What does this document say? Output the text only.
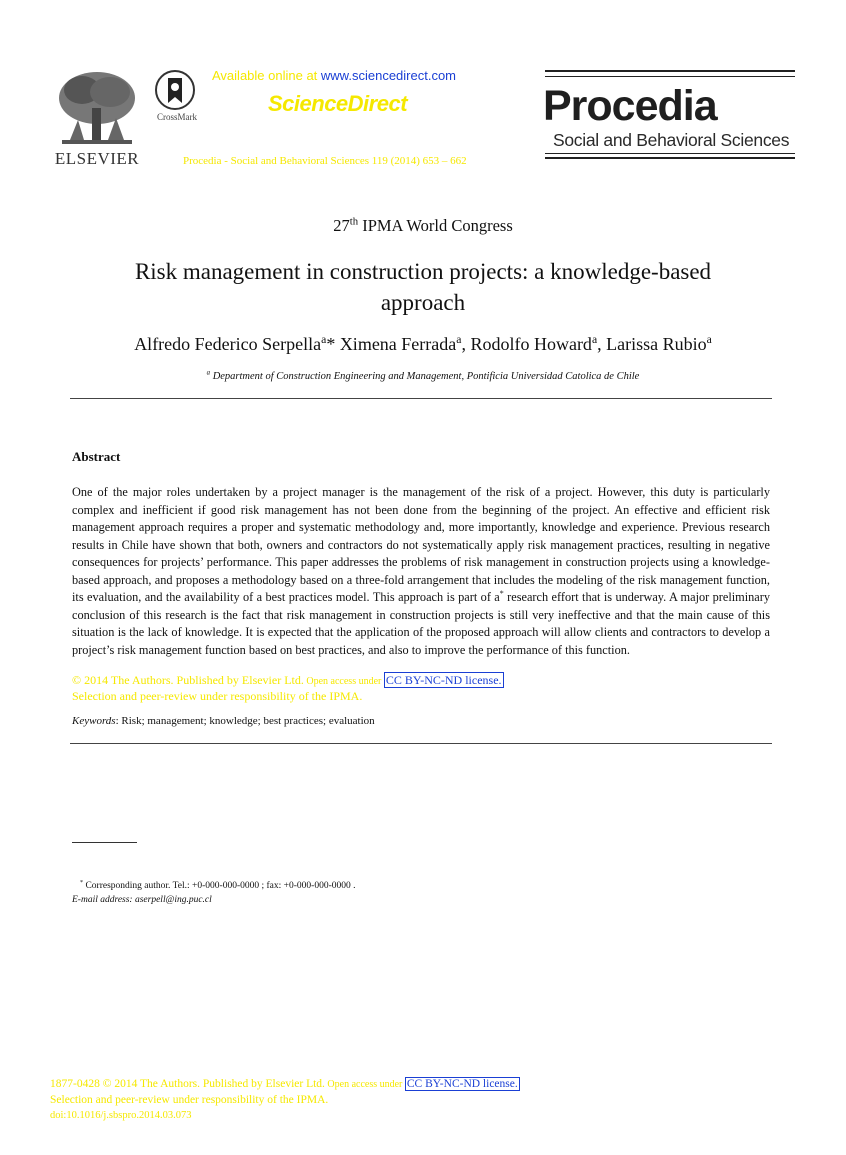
ELSEVIER
CrossMark
Available online at www.sciencedirect.com
ScienceDirect
Procedia - Social and Behavioral Sciences 119 (2014) 653 – 662
Procedia
Social and Behavioral Sciences
27th IPMA World Congress
Risk management in construction projects: a knowledge-based approach
Alfredo Federico Serpella$^a$* Ximena Ferrada$^a$, Rodolfo Howard$^a$, Larissa Rubio$^a$
$^a$ Department of Construction Engineering and Management, Pontificia Universidad Catolica de Chile
Abstract
One of the major roles undertaken by a project manager is the management of the risk of a project. However, this duty is particularly complex and inefficient if good risk management has not been done from the beginning of the project. An effective and efficient risk management approach requires a proper and systematic methodology and, more importantly, knowledge and experience. Previous research results in Chile have shown that both, owners and contractors do not systematically apply risk management practices, resulting in negative consequences for projects’ performance. This paper addresses the problems of risk management in construction projects using a knowledge-based approach, and proposes a methodology based on a three-fold arrangement that includes the modeling of the risk management function, its evaluation, and the availability of a best practices model. This approach is part of a* research effort that is underway. A major preliminary conclusion of this research is the fact that risk management in construction projects is still very ineffective and that the main cause of this situation is the lack of knowledge. It is expected that the application of the proposed approach will allow clients and contractors to develop a project’s risk management function based on best practices, and also to improve the performance of this function.
© 2014 The Authors. Published by Elsevier Ltd. Open access under CC BY-NC-ND license.
Selection and peer-review under responsibility of the IPMA.
Keywords: Risk; management; knowledge; best practices; evaluation
* Corresponding author. Tel.: +0-000-000-0000 ; fax: +0-000-000-0000 .
E-mail address: aserpell@ing.puc.cl
1877-0428 © 2014 The Authors. Published by Elsevier Ltd. Open access under CC BY-NC-ND license.
Selection and peer-review under responsibility of the IPMA.
doi:10.1016/j.sbspro.2014.03.073
